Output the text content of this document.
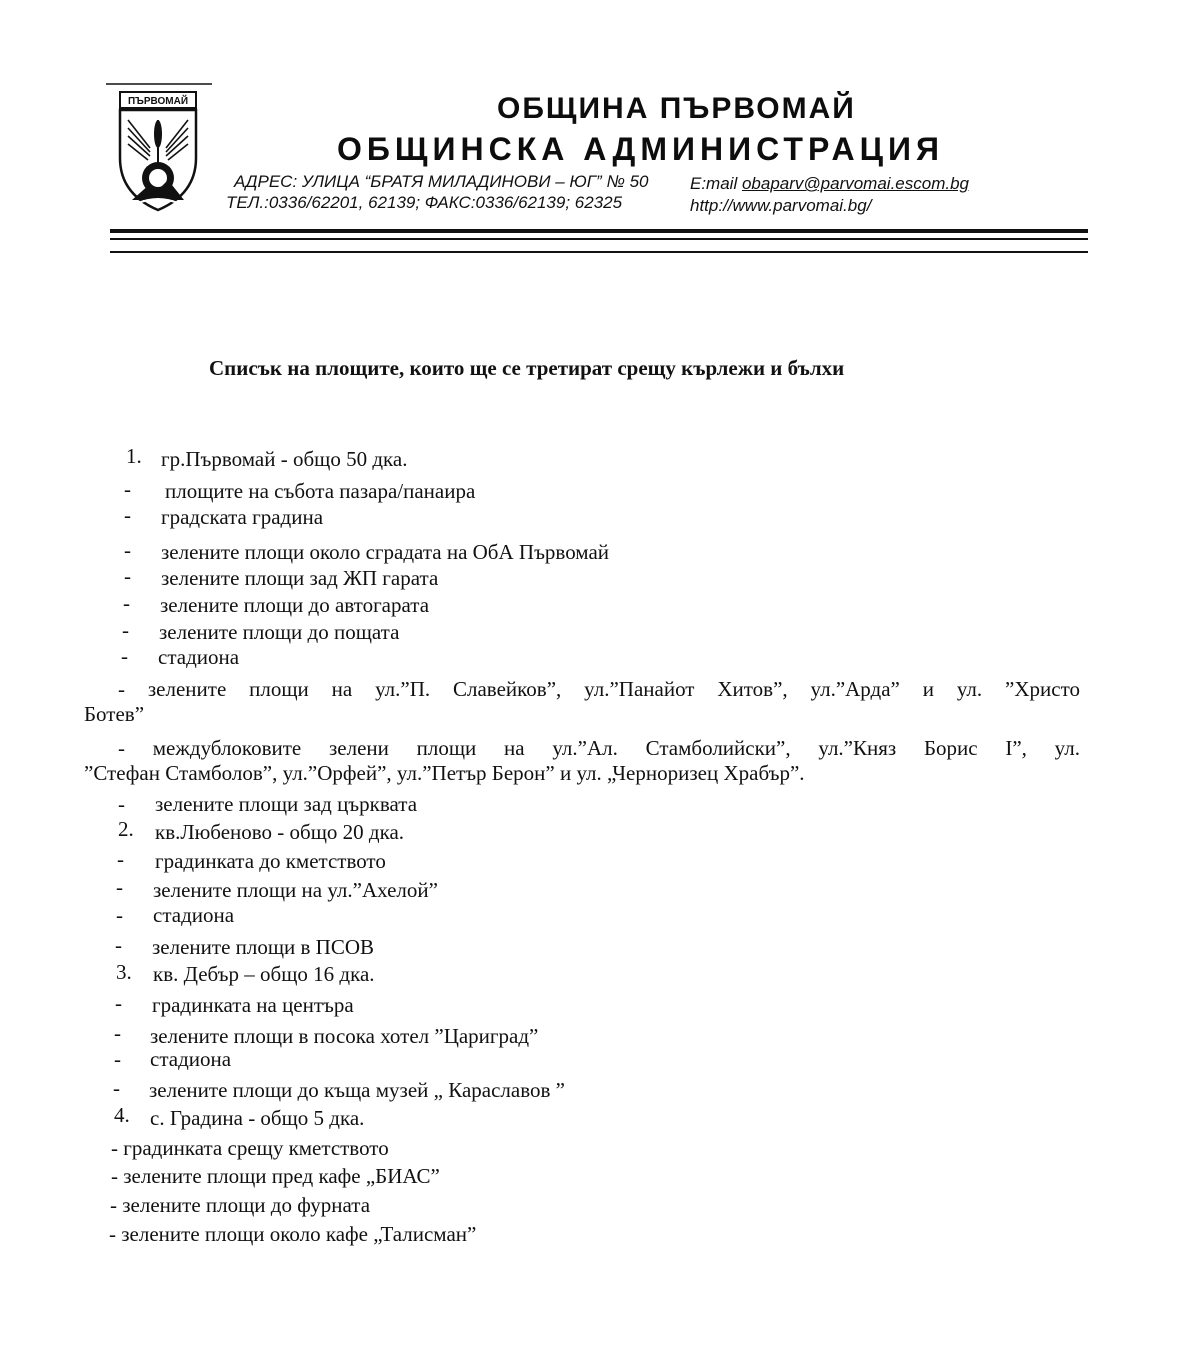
ПЪРВОМАЙ	ОБЩИНА ПЪРВОМАЙ
ОБЩИНСКА АДМИНИСТРАЦИЯ
АДРЕС: УЛИЦА “БРАТЯ МИЛАДИНОВИ – ЮГ” № 50
ТЕЛ.:0336/62201, 62139; ФАКС:0336/62139; 62325
E:mail obaparv@parvomai.escom.bg
http://www.parvomai.bg/
Списък на площите, които ще се третират срещу кърлежи и бълхи
1. гр.Първомай - общо 50 дка.
- площите на събота пазара/панаира
- градската градина
- зелените площи около сградата на ОбА Първомай
- зелените площи зад ЖП гарата
- зелените площи до автогарата
- зелените площи до пощата
- стадиона
- зелените площи на ул.”П. Славейков”, ул.”Панайот Хитов”, ул.”Арда” и ул. ”Христо
Ботев”
- междублоковите зелени площи на ул.”Ал. Стамболийски”, ул.”Княз Борис I”, ул.
”Стефан Стамболов”, ул.”Орфей”, ул.”Петър Берон” и ул. „Черноризец Храбър”.
- зелените площи зад църквата
2. кв.Любеново - общо 20 дка.
- градинката до кметството
- зелените площи на ул.”Ахелой”
- стадиона
- зелените площи в ПСОВ
3. кв. Дебър – общо 16 дка.
- градинката на центъра
- зелените площи в посока хотел ”Цариград”
- стадиона
- зелените площи до къща музей „ Караславов ”
4. с. Градина - общо 5 дка.
- градинката срещу кметството
- зелените площи пред кафе „БИАС”
- зелените площи до фурната
- зелените площи около кафе „Талисман”
